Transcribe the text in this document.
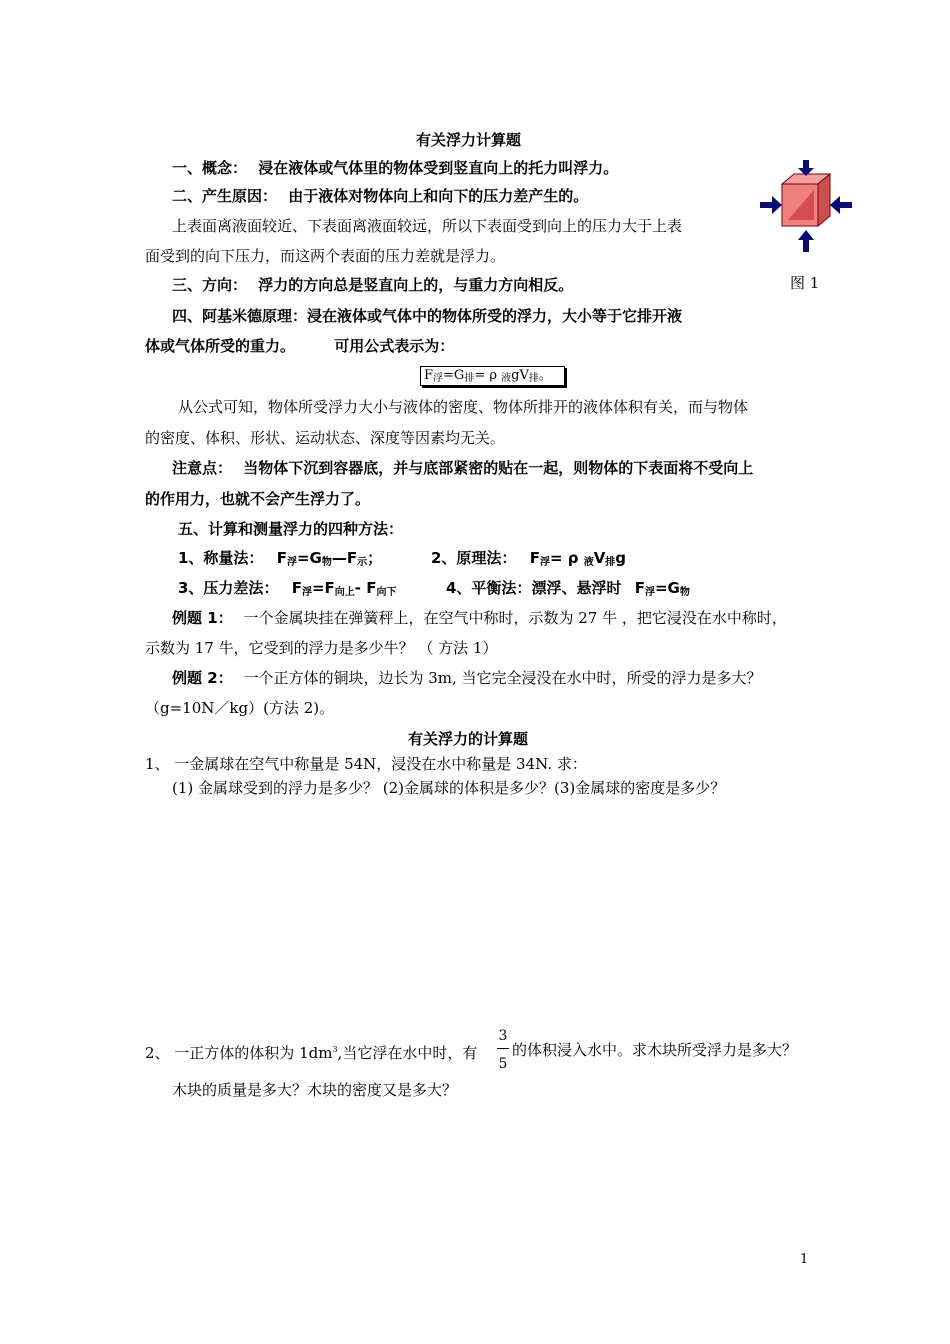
有关浮力计算题
一、概念： 浸在液体或气体里的物体受到竖直向上的托力叫浮力。
二、产生原因： 由于液体对物体向上和向下的压力差产生的。
上表面离液面较近、下表面离液面较远，所以下表面受到向上的压力大于上表
面受到的向下压力，而这两个表面的压力差就是浮力。
三、方向： 浮力的方向总是竖直向上的，与重力方向相反。	图 1
四、阿基米德原理：浸在液体或气体中的物体所受的浮力，大小等于它排开液
体或气体所受的重力。	可用公式表示为：
$F_浮=G_排= \rho$ $_液gV_排$。
从公式可知，物体所受浮力大小与液体的密度、物体所排开的液体体积有关，而与物体
的密度、体积、形状、运动状态、深度等因素均无关。
注意点： 当物体下沉到容器底，并与底部紧密的贴在一起，则物体的下表面将不受向上
的作用力，也就不会产生浮力了。
五、计算和测量浮力的四种方法：
1、称量法： $F_浮=G_物—F_示$；	2、原理法： $F_浮= \rho$ $_液V_排g$
3、压力差法： $F_浮=F_{向上}-$ $F_{向下}$	4、平衡法：漂浮、悬浮时 $F_浮=G_物$
例题 1： 一个金属块挂在弹簧秤上，在空气中称时，示数为 27 牛 ，把它浸没在水中称时，
示数为 17 牛，它受到的浮力是多少牛？ （ 方法 1）
例题 2： 一个正方体的铜块，边长为 3m, 当它完全浸没在水中时，所受的浮力是多大？
（g=10N／kg）(方法 2)。
有关浮力的计算题
1、 一金属球在空气中称量是 54N，浸没在水中称量是 34N. 求：
(1) 金属球受到的浮力是多少？ (2)金属球的体积是多少？(3)金属球的密度是多少？
2、 一正方体的体积为 $1dm^3$,当它浮在水中时，有
3
5
的体积浸入水中。求木块所受浮力是多大？
木块的质量是多大？木块的密度又是多大？
1
